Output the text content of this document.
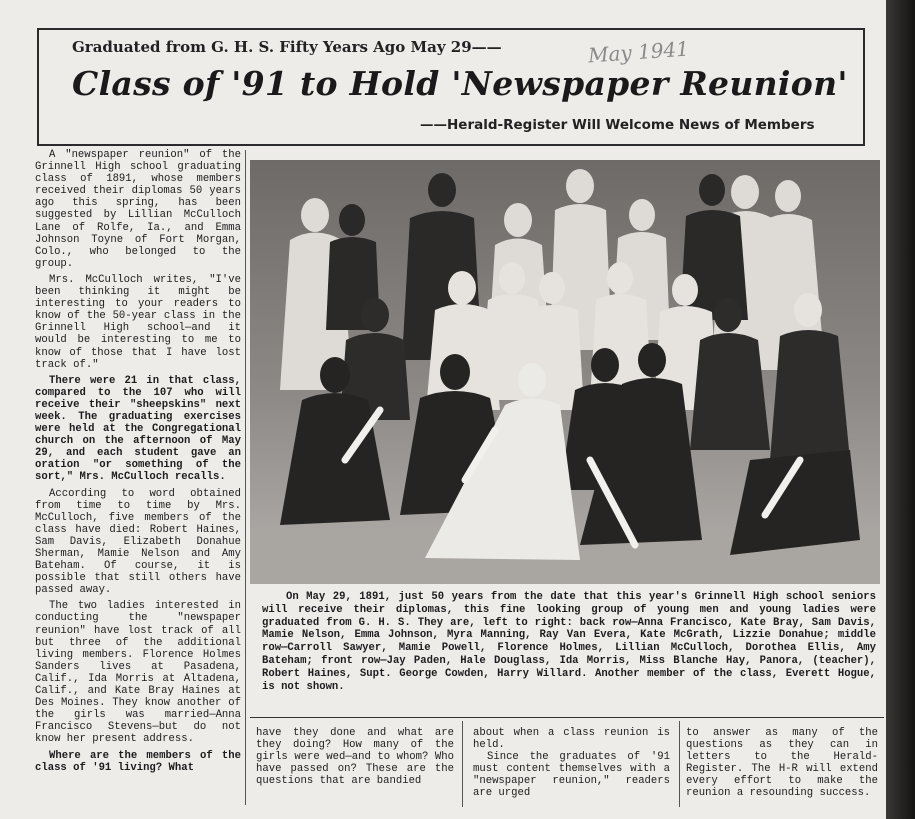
Graduated from G. H. S. Fifty Years Ago May 29——	May 1941
Class of '91 to Hold 'Newspaper Reunion'
——Herald-Register Will Welcome News of Members

A "newspaper reunion" of the Grinnell High school graduating class of 1891, whose members received their diplomas 50 years ago this spring, has been suggested by Lillian McCulloch Lane of Rolfe, Ia., and Emma Johnson Toyne of Fort Morgan, Colo., who belonged to the group.

Mrs. McCulloch writes, "I've been thinking it might be interesting to your readers to know of the 50-year class in the Grinnell High school—and it would be interesting to me to know of those that I have lost track of."

There were 21 in that class, compared to the 107 who will receive their "sheepskins" next week. The graduating exercises were held at the Congregational church on the afternoon of May 29, and each student gave an oration "or something of the sort," Mrs. McCulloch recalls.

According to word obtained from time to time by Mrs. McCulloch, five members of the class have died: Robert Haines, Sam Davis, Elizabeth Donahue Sherman, Mamie Nelson and Amy Bateham. Of course, it is possible that still others have passed away.

The two ladies interested in conducting the "newspaper reunion" have lost track of all but three of the additional living members. Florence Holmes Sanders lives at Pasadena, Calif., Ida Morris at Altadena, Calif., and Kate Bray Haines at Des Moines. They know another of the girls was married—Anna Francisco Stevens—but do not know her present address.

Where are the members of the class of '91 living? What

On May 29, 1891, just 50 years from the date that this year's Grinnell High school seniors will receive their diplomas, this fine looking group of young men and young ladies were graduated from G. H. S. They are, left to right: back row—Anna Francisco, Kate Bray, Sam Davis, Mamie Nelson, Emma Johnson, Myra Manning, Ray Van Evera, Kate McGrath, Lizzie Donahue; middle row—Carroll Sawyer, Mamie Powell, Florence Holmes, Lillian McCulloch, Dorothea Ellis, Amy Bateham; front row—Jay Paden, Hale Douglass, Ida Morris, Miss Blanche Hay, Panora, (teacher), Robert Haines, Supt. George Cowden, Harry Willard. Another member of the class, Everett Hogue, is not shown.

have they done and what are they doing? How many of the girls were wed—and to whom? Who have passed on? These are the questions that are bandied

about when a class reunion is held.

Since the graduates of '91 must content themselves with a "newspaper reunion," readers are urged

to answer as many of the questions as they can in letters to the Herald-Register. The H-R will extend every effort to make the reunion a resounding success.
